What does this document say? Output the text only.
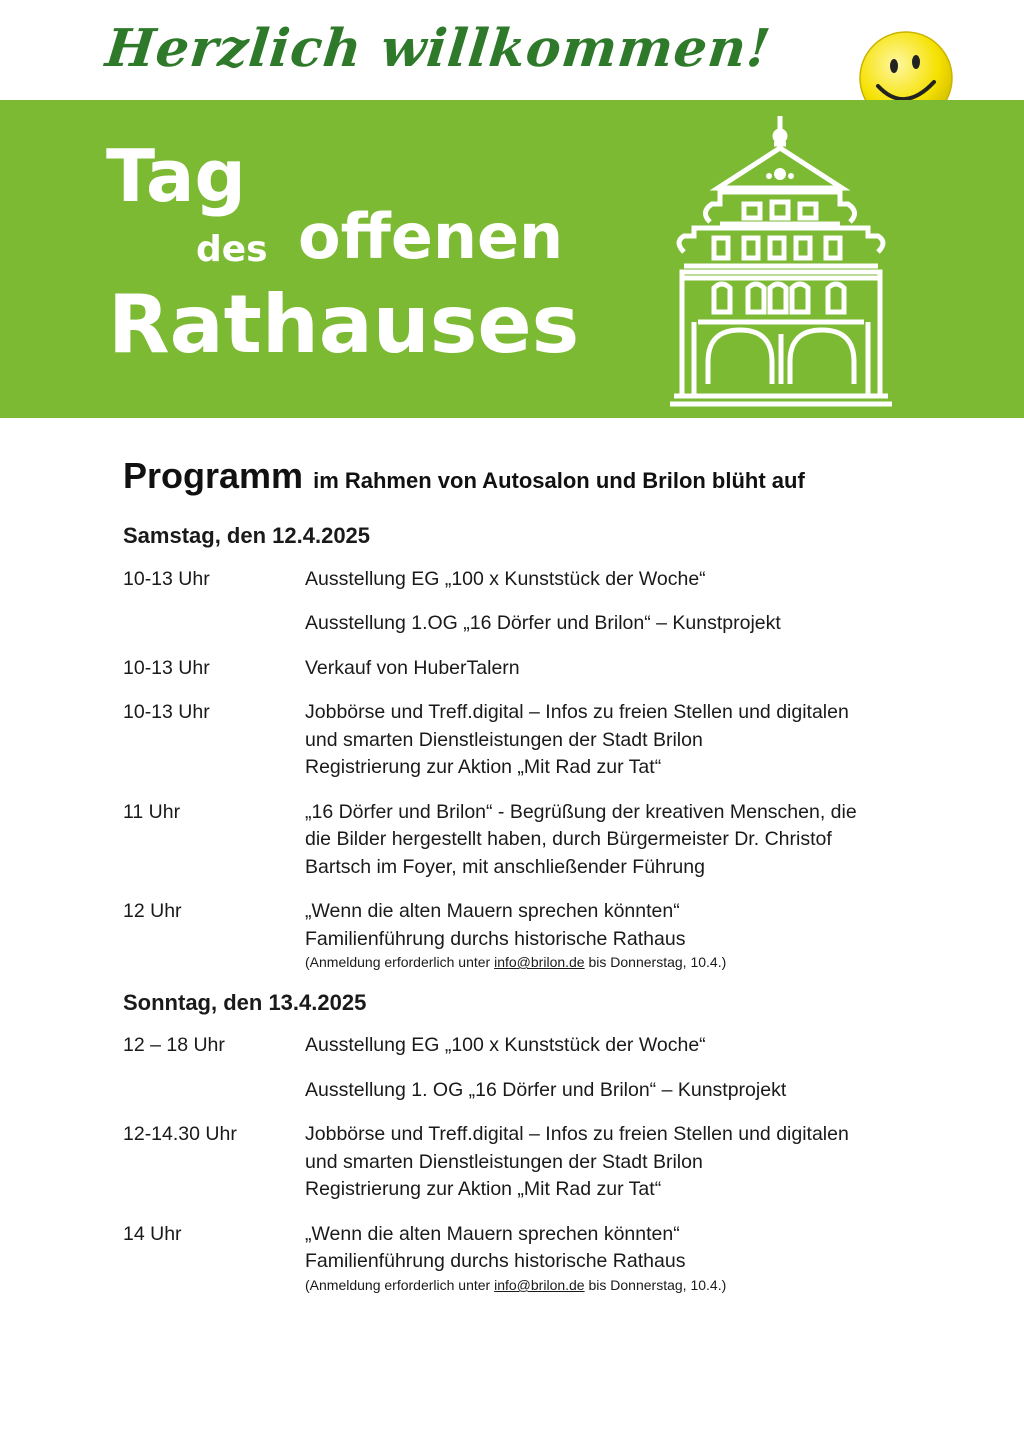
Herzlich willkommen!
Tag
des offenen
Rathauses
Programm im Rahmen von Autosalon und Brilon blüht auf
Samstag, den 12.4.2025
10-13 Uhr	Ausstellung EG „100 x Kunststück der Woche“
Ausstellung 1.OG „16 Dörfer und Brilon“ – Kunstprojekt
10-13 Uhr	Verkauf von HuberTalern
10-13 Uhr	Jobbörse und Treff.digital – Infos zu freien Stellen und digitalen
und smarten Dienstleistungen der Stadt Brilon
Registrierung zur Aktion „Mit Rad zur Tat“
11 Uhr	„16 Dörfer und Brilon“ - Begrüßung der kreativen Menschen, die
die Bilder hergestellt haben, durch Bürgermeister Dr. Christof
Bartsch im Foyer, mit anschließender Führung
12 Uhr	„Wenn die alten Mauern sprechen könnten“
Familienführung durchs historische Rathaus
(Anmeldung erforderlich unter info@brilon.de bis Donnerstag, 10.4.)
Sonntag, den 13.4.2025
12 – 18 Uhr	Ausstellung EG „100 x Kunststück der Woche“
Ausstellung 1. OG „16 Dörfer und Brilon“ – Kunstprojekt
12-14.30 Uhr	Jobbörse und Treff.digital – Infos zu freien Stellen und digitalen
und smarten Dienstleistungen der Stadt Brilon
Registrierung zur Aktion „Mit Rad zur Tat“
14 Uhr	„Wenn die alten Mauern sprechen könnten“
Familienführung durchs historische Rathaus
(Anmeldung erforderlich unter info@brilon.de bis Donnerstag, 10.4.)
